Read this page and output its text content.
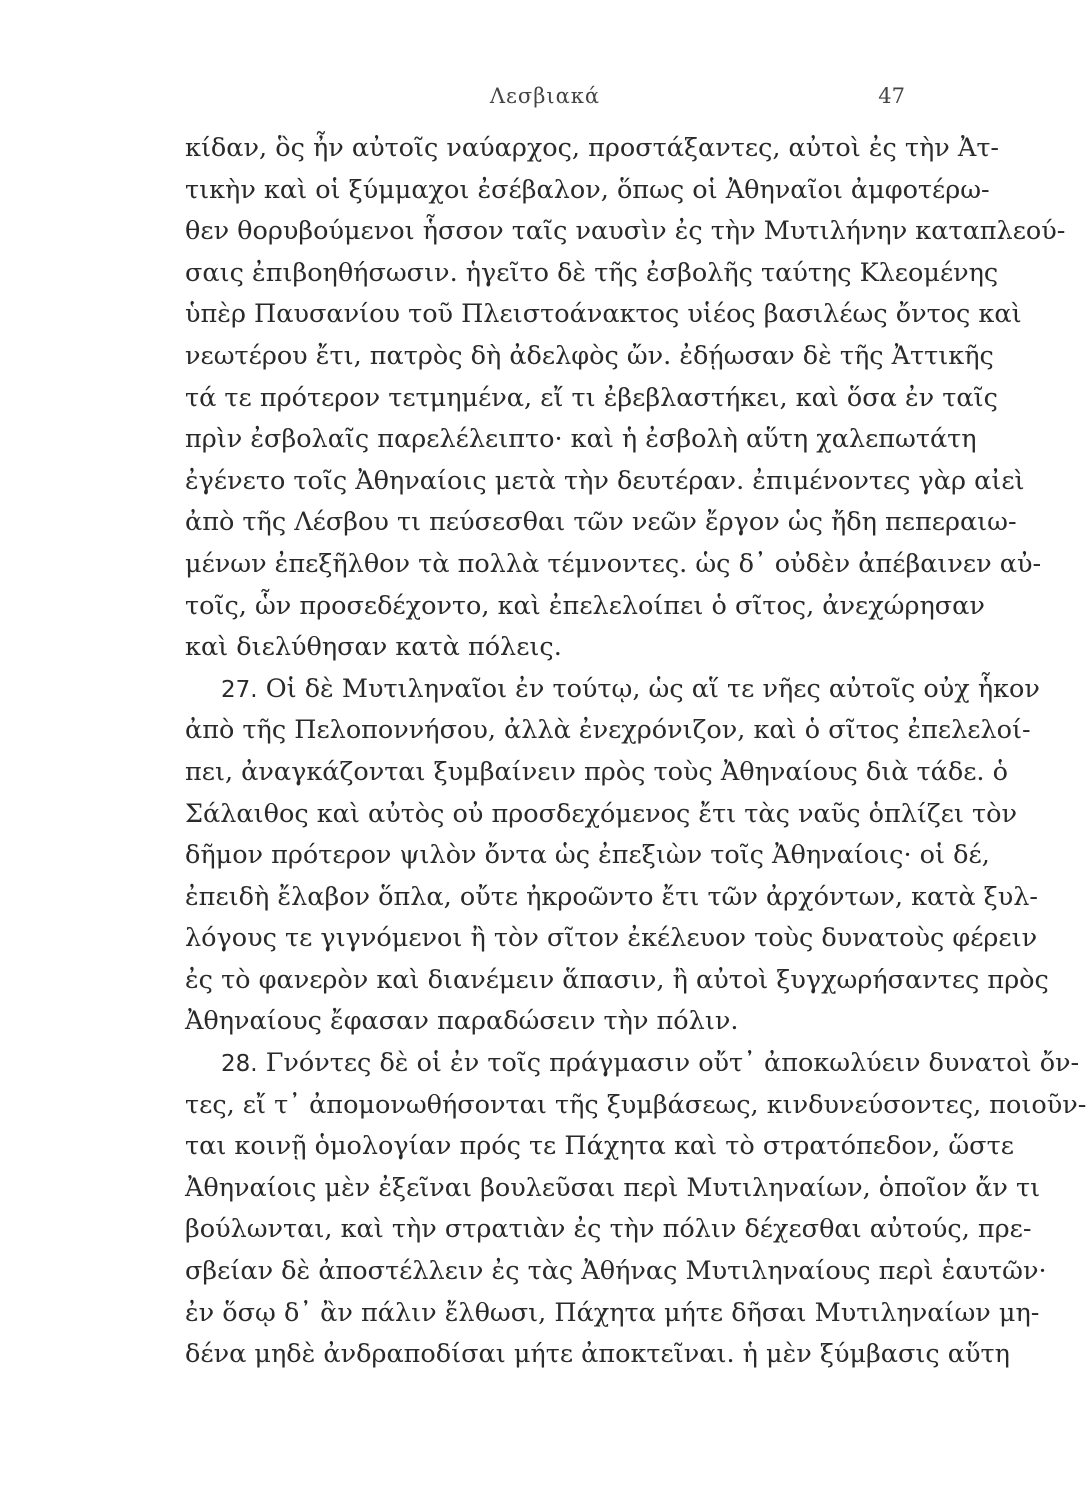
Λεσβιακά	47
κίδαν, ὃς ἦν αὐτοῖς ναύαρχος, προστάξαντες, αὐτοὶ ἐς τὴν Ἀτ-
τικὴν καὶ οἱ ξύμμαχοι ἐσέβαλον, ὅπως οἱ Ἀθηναῖοι ἀμφοτέρω-
θεν θορυβούμενοι ἧσσον ταῖς ναυσὶν ἐς τὴν Μυτιλήνην καταπλεού-
σαις ἐπιβοηθήσωσιν. ἡγεῖτο δὲ τῆς ἐσβολῆς ταύτης Κλεομένης
ὑπὲρ Παυσανίου τοῦ Πλειστοάνακτος υἱέος βασιλέως ὄντος καὶ
νεωτέρου ἔτι, πατρὸς δὴ ἀδελφὸς ὤν. ἐδῄωσαν δὲ τῆς Ἀττικῆς
τά τε πρότερον τετμημένα, εἴ τι ἐβεβλαστήκει, καὶ ὅσα ἐν ταῖς
πρὶν ἐσβολαῖς παρελέλειπτο· καὶ ἡ ἐσβολὴ αὕτη χαλεπωτάτη
ἐγένετο τοῖς Ἀθηναίοις μετὰ τὴν δευτέραν. ἐπιμένοντες γὰρ αἰεὶ
ἀπὸ τῆς Λέσβου τι πεύσεσθαι τῶν νεῶν ἔργον ὡς ἤδη πεπεραιω-
μένων ἐπεξῆλθον τὰ πολλὰ τέμνοντες. ὡς δ᾽ οὐδὲν ἀπέβαινεν αὐ-
τοῖς, ὧν προσεδέχοντο, καὶ ἐπελελοίπει ὁ σῖτος, ἀνεχώρησαν
καὶ διελύθησαν κατὰ πόλεις.
27. Οἱ δὲ Μυτιληναῖοι ἐν τούτῳ, ὡς αἵ τε νῆες αὐτοῖς οὐχ ἧκον
ἀπὸ τῆς Πελοποννήσου, ἀλλὰ ἐνεχρόνιζον, καὶ ὁ σῖτος ἐπελελοί-
πει, ἀναγκάζονται ξυμβαίνειν πρὸς τοὺς Ἀθηναίους διὰ τάδε. ὁ
Σάλαιθος καὶ αὐτὸς οὐ προσδεχόμενος ἔτι τὰς ναῦς ὁπλίζει τὸν
δῆμον πρότερον ψιλὸν ὄντα ὡς ἐπεξιὼν τοῖς Ἀθηναίοις· οἱ δέ,
ἐπειδὴ ἔλαβον ὅπλα, οὔτε ἠκροῶντο ἔτι τῶν ἀρχόντων, κατὰ ξυλ-
λόγους τε γιγνόμενοι ἢ τὸν σῖτον ἐκέλευον τοὺς δυνατοὺς φέρειν
ἐς τὸ φανερὸν καὶ διανέμειν ἅπασιν, ἢ αὐτοὶ ξυγχωρήσαντες πρὸς
Ἀθηναίους ἔφασαν παραδώσειν τὴν πόλιν.
28. Γνόντες δὲ οἱ ἐν τοῖς πράγμασιν οὔτ᾽ ἀποκωλύειν δυνατοὶ ὄν-
τες, εἴ τ᾽ ἀπομονωθήσονται τῆς ξυμβάσεως, κινδυνεύσοντες, ποιοῦν-
ται κοινῇ ὁμολογίαν πρός τε Πάχητα καὶ τὸ στρατόπεδον, ὥστε
Ἀθηναίοις μὲν ἐξεῖναι βουλεῦσαι περὶ Μυτιληναίων, ὁποῖον ἄν τι
βούλωνται, καὶ τὴν στρατιὰν ἐς τὴν πόλιν δέχεσθαι αὐτούς, πρε-
σβείαν δὲ ἀποστέλλειν ἐς τὰς Ἀθήνας Μυτιληναίους περὶ ἑαυτῶν·
ἐν ὅσῳ δ᾽ ἂν πάλιν ἔλθωσι, Πάχητα μήτε δῆσαι Μυτιληναίων μη-
δένα μηδὲ ἀνδραποδίσαι μήτε ἀποκτεῖναι. ἡ μὲν ξύμβασις αὕτη
